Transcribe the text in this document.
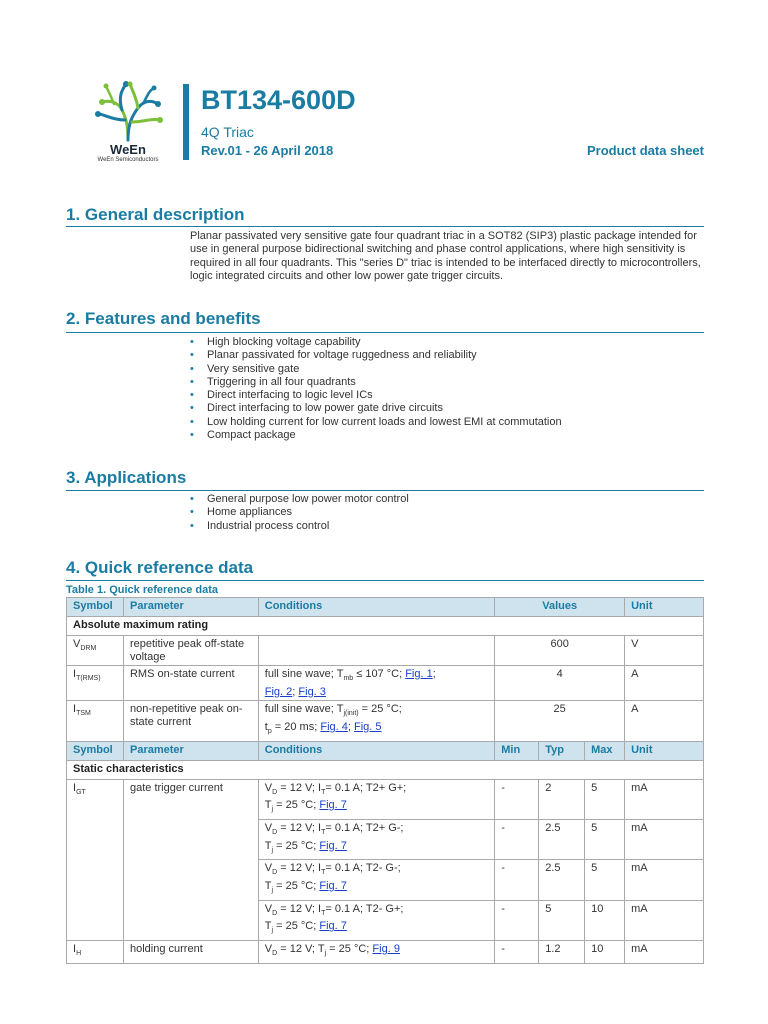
WeEn
WeEn Semiconductors
BT134-600D
4Q Triac
Rev.01 - 26 April 2018	Product data sheet
1. General description
Planar passivated very sensitive gate four quadrant triac in a SOT82 (SIP3) plastic package intended for use in general purpose bidirectional switching and phase control applications, where high sensitivity is required in all four quadrants. This "series D" triac is intended to be interfaced directly to microcontrollers, logic integrated circuits and other low power gate trigger circuits.
2. Features and benefits
• High blocking voltage capability
• Planar passivated for voltage ruggedness and reliability
• Very sensitive gate
• Triggering in all four quadrants
• Direct interfacing to logic level ICs
• Direct interfacing to low power gate drive circuits
• Low holding current for low current loads and lowest EMI at commutation
• Compact package
3. Applications
• General purpose low power motor control
• Home appliances
• Industrial process control
4. Quick reference data
Table 1. Quick reference data
Symbol	Parameter	Conditions	Values			Unit
Absolute maximum rating						
$V_{DRM}$	repetitive peak off-state voltage		600			V
$I_{T(RMS)}$	RMS on-state current	full sine wave; $T_{mb} \le 107$ °C; Fig. 1;
Fig. 2; Fig. 3	4			A
$I_{TSM}$	non-repetitive peak on-state current	full sine wave; $T_{j(init)} = 25$ °C;
$t_p = 20$ ms; Fig. 4; Fig. 5	25			A
Symbol	Parameter	Conditions	Min	Typ	Max	Unit
Static characteristics						
$I_{GT}$	gate trigger current	$V_D = 12$ V; $I_T= 0.1$ A; T2+ G+;
$T_j = 25$ °C; Fig. 7	-	2	5	mA
		$V_D = 12$ V; $I_T= 0.1$ A; T2+ G-;
$T_j = 25$ °C; Fig. 7	-	2.5	5	mA
		$V_D = 12$ V; $I_T= 0.1$ A; T2- G-;
$T_j = 25$ °C; Fig. 7	-	2.5	5	mA
		$V_D = 12$ V; $I_T= 0.1$ A; T2- G+;
$T_j = 25$ °C; Fig. 7	-	5	10	mA
$I_H$	holding current	$V_D = 12$ V; $T_j = 25$ °C; Fig. 9	-	1.2	10	mA
